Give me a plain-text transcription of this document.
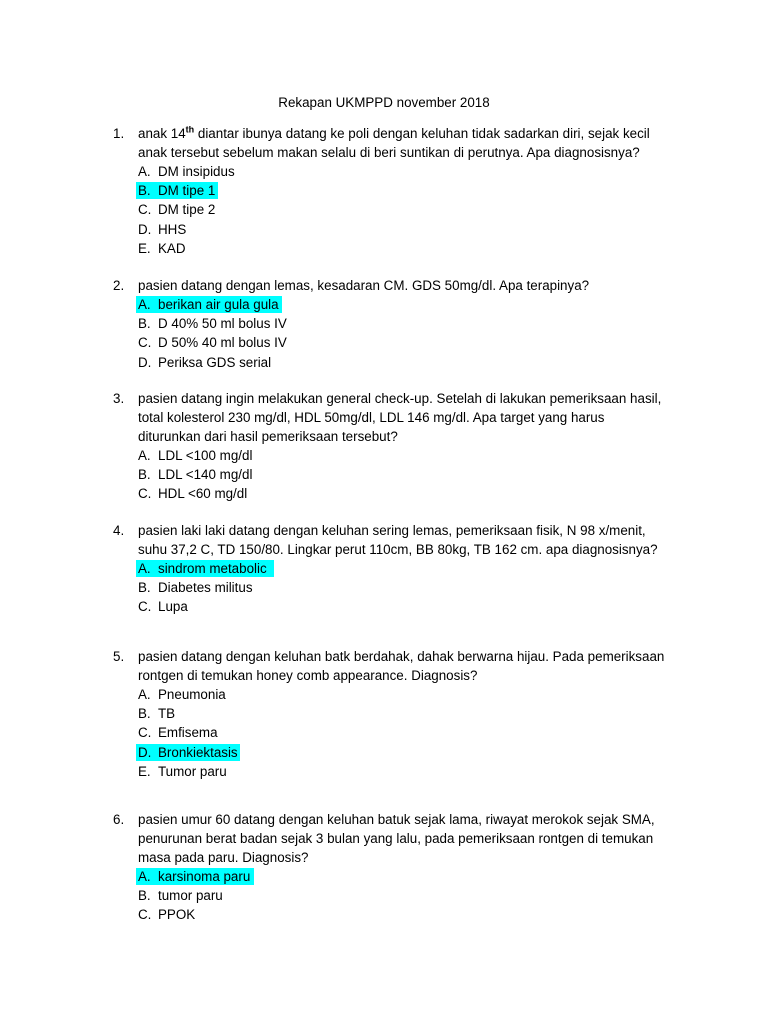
Rekapan UKMPPD november 2018
1. anak 14th diantar ibunya datang ke poli dengan keluhan tidak sadarkan diri, sejak kecil
anak tersebut sebelum makan selalu di beri suntikan di perutnya. Apa diagnosisnya?
A. DM insipidus
B. DM tipe 1
C. DM tipe 2
D. HHS
E. KAD
2. pasien datang dengan lemas, kesadaran CM. GDS 50mg/dl. Apa terapinya?
A. berikan air gula gula
B. D 40% 50 ml bolus IV
C. D 50% 40 ml bolus IV
D. Periksa GDS serial
3. pasien datang ingin melakukan general check-up. Setelah di lakukan pemeriksaan hasil,
total kolesterol 230 mg/dl, HDL 50mg/dl, LDL 146 mg/dl. Apa target yang harus
diturunkan dari hasil pemeriksaan tersebut?
A. LDL <100 mg/dl
B. LDL <140 mg/dl
C. HDL <60 mg/dl
4. pasien laki laki datang dengan keluhan sering lemas, pemeriksaan fisik, N 98 x/menit,
suhu 37,2 C, TD 150/80. Lingkar perut 110cm, BB 80kg, TB 162 cm. apa diagnosisnya?
A. sindrom metabolic
B. Diabetes militus
C. Lupa
5. pasien datang dengan keluhan batk berdahak, dahak berwarna hijau. Pada pemeriksaan
rontgen di temukan honey comb appearance. Diagnosis?
A. Pneumonia
B. TB
C. Emfisema
D. Bronkiektasis
E. Tumor paru
6. pasien umur 60 datang dengan keluhan batuk sejak lama, riwayat merokok sejak SMA,
penurunan berat badan sejak 3 bulan yang lalu, pada pemeriksaan rontgen di temukan
masa pada paru. Diagnosis?
A. karsinoma paru
B. tumor paru
C. PPOK
